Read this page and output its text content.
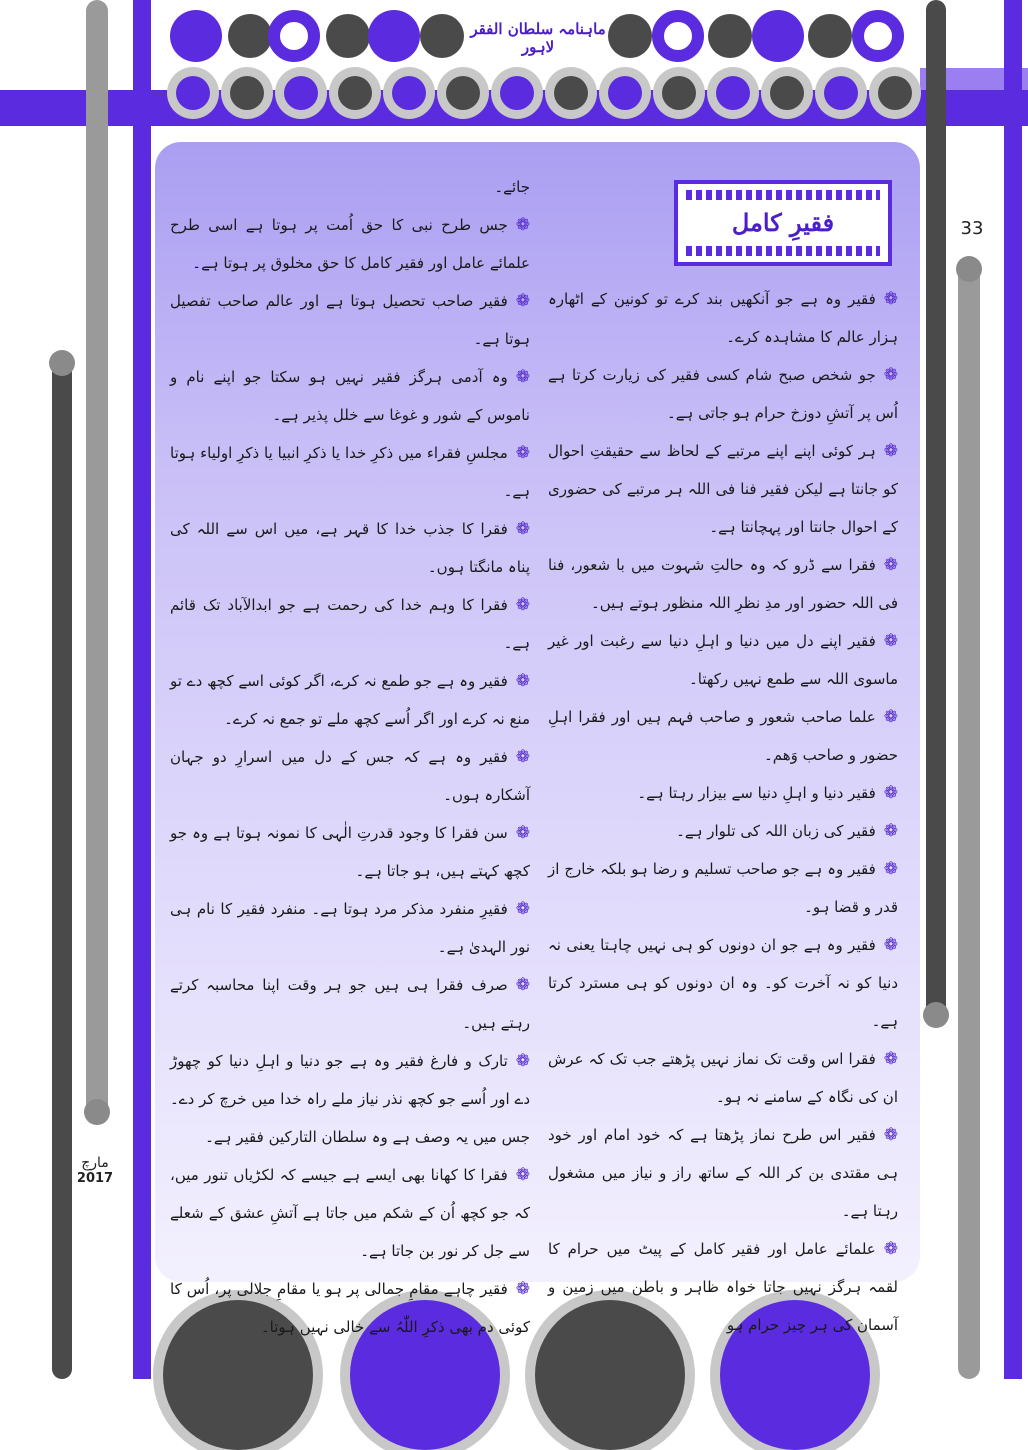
ماہنامہ سلطان الفقر لاہور
33
مارچ
2017
فقیرِ کامل

❁فقیر وہ ہے جو آنکھیں بند کرے تو کونین کے اٹھارہ ہزار عالم کا مشاہدہ کرے۔

❁جو شخص صبح شام کسی فقیر کی زیارت کرتا ہے اُس پر آتشِ دوزخ حرام ہو جاتی ہے۔

❁ہر کوئی اپنے اپنے مرتبے کے لحاظ سے حقیقتِ احوال کو جانتا ہے لیکن فقیر فنا فی اللہ ہر مرتبے کی حضوری کے احوال جانتا اور پہچانتا ہے۔

❁فقرا سے ڈرو کہ وہ حالتِ شہوت میں با شعور، فنا فی اللہ حضور اور مدِ نظرِ اللہ منظور ہوتے ہیں۔

❁فقیر اپنے دل میں دنیا و اہلِ دنیا سے رغبت اور غیر ماسوی اللہ سے طمع نہیں رکھتا۔

❁علما صاحب شعور و صاحب فہم ہیں اور فقرا اہلِ حضور و صاحب وَھم۔

❁فقیر دنیا و اہلِ دنیا سے بیزار رہتا ہے۔

❁فقیر کی زبان اللہ کی تلوار ہے۔

❁فقیر وہ ہے جو صاحب تسلیم و رضا ہو بلکہ خارج از قدر و قضا ہو۔

❁فقیر وہ ہے جو ان دونوں کو ہی نہیں چاہتا یعنی نہ دنیا کو نہ آخرت کو۔ وہ ان دونوں کو ہی مسترد کرتا ہے۔

❁فقرا اس وقت تک نماز نہیں پڑھتے جب تک کہ عرش ان کی نگاہ کے سامنے نہ ہو۔

❁فقیر اس طرح نماز پڑھتا ہے کہ خود امام اور خود ہی مقتدی بن کر اللہ کے ساتھ راز و نیاز میں مشغول رہتا ہے۔

❁علمائے عامل اور فقیر کامل کے پیٹ میں حرام کا لقمہ ہرگز نہیں جاتا خواہ ظاہر و باطن میں زمین و آسمان کی ہر چیز حرام ہو

جائے۔

❁جس طرح نبی کا حق اُمت پر ہوتا ہے اسی طرح علمائے عامل اور فقیر کامل کا حق مخلوق پر ہوتا ہے۔

❁فقیر صاحب تحصیل ہوتا ہے اور عالم صاحب تفصیل ہوتا ہے۔

❁وہ آدمی ہرگز فقیر نہیں ہو سکتا جو اپنے نام و ناموس کے شور و غوغا سے خلل پذیر ہے۔

❁مجلسِ فقراء میں ذکرِ خدا یا ذکرِ انبیا یا ذکرِ اولیاء ہوتا ہے۔

❁فقرا کا جذب خدا کا قہر ہے، میں اس سے اللہ کی پناہ مانگتا ہوں۔

❁فقرا کا وہم خدا کی رحمت ہے جو ابدالآباد تک قائم ہے۔

❁فقیر وہ ہے جو طمع نہ کرے، اگر کوئی اسے کچھ دے تو منع نہ کرے اور اگر اُسے کچھ ملے تو جمع نہ کرے۔

❁فقیر وہ ہے کہ جس کے دل میں اسرارِ دو جہان آشکارہ ہوں۔

❁سن فقرا کا وجود قدرتِ الٰہی کا نمونہ ہوتا ہے وہ جو کچھ کہتے ہیں، ہو جاتا ہے۔

❁فقیرِ منفرد مذکر مرد ہوتا ہے۔ منفرد فقیر کا نام ہی نور الہدیٰ ہے۔

❁صرف فقرا ہی ہیں جو ہر وقت اپنا محاسبہ کرتے رہتے ہیں۔

❁تارک و فارغ فقیر وہ ہے جو دنیا و اہلِ دنیا کو چھوڑ دے اور اُسے جو کچھ نذر نیاز ملے راہ خدا میں خرچ کر دے۔ جس میں یہ وصف ہے وہ سلطان التارکین فقیر ہے۔

❁فقرا کا کھانا بھی ایسے ہے جیسے کہ لکڑیاں تنور میں، کہ جو کچھ اُن کے شکم میں جاتا ہے آتشِ عشق کے شعلے سے جل کر نور بن جاتا ہے۔

❁فقیر چاہے مقامِ جمالی پر ہو یا مقامِ جلالی پر، اُس کا کوئی دم بھی ذکرِ اللّٰہُ سے خالی نہیں ہوتا۔
